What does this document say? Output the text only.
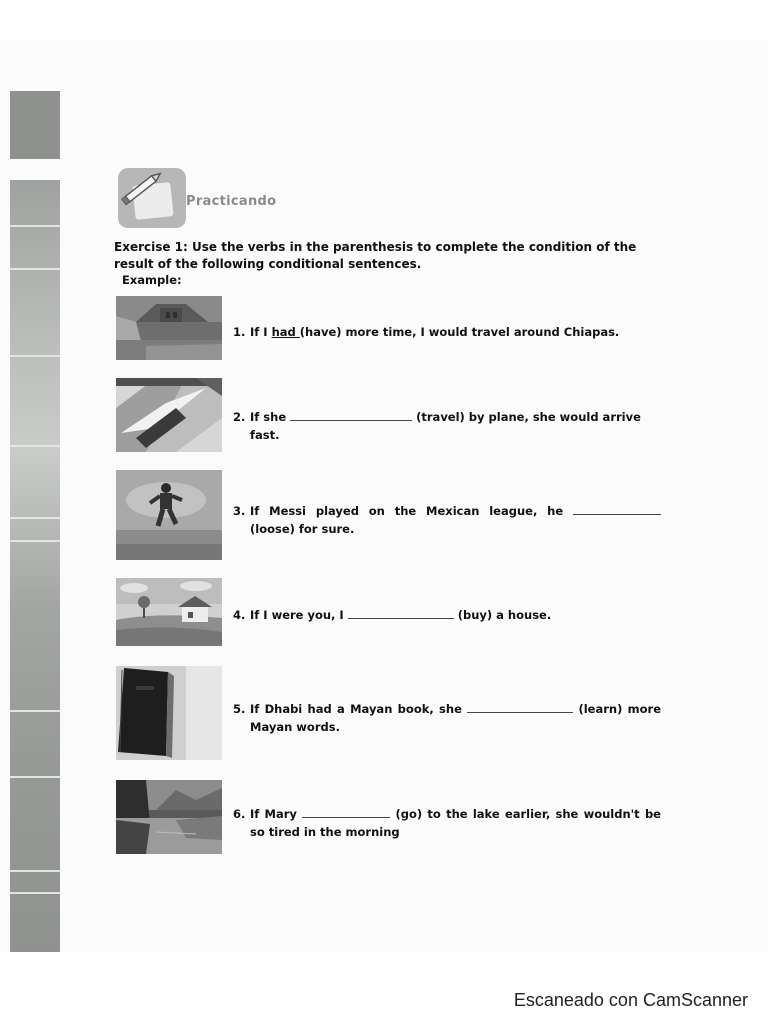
Practicando
Exercise 1: Use the verbs in the parenthesis to complete the condition of the result of the following conditional sentences.
Example:
1. If I had (have) more time, I would travel around Chiapas.
2. If she	(travel) by plane, she would arrive fast.
3. If Messi played on the Mexican league, he  (loose) for sure.
4. If I were you, I	(buy) a house.
5. If Dhabi had a Mayan book, she	(learn) more Mayan words.
6. If Mary	(go) to the lake earlier, she wouldn't be so tired in the morning
Escaneado con CamScanner
